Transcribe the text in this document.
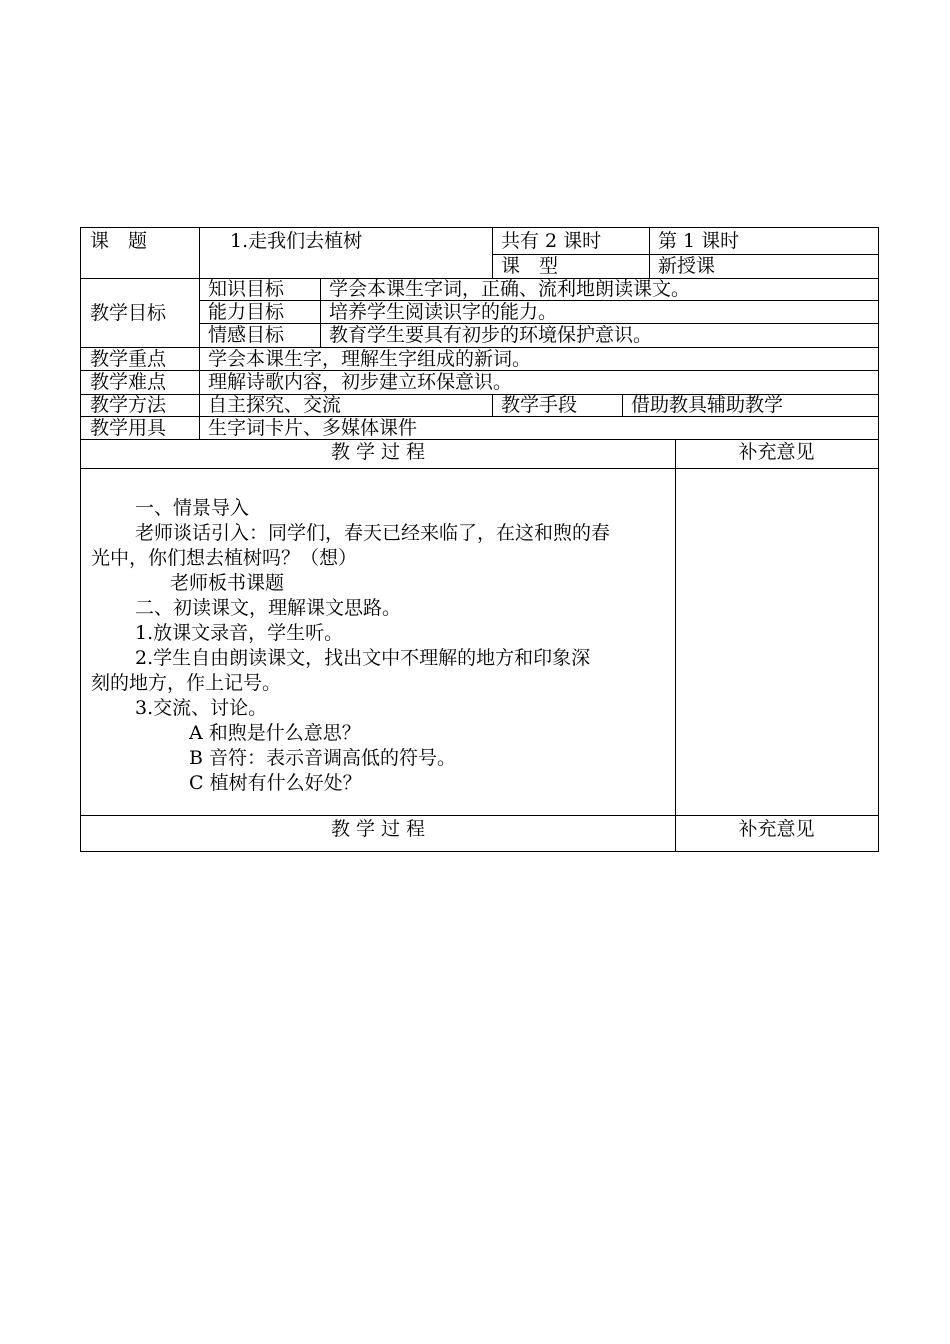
课　题	1.走我们去植树	共有 2 课时	第 1 课时
课　型	新授课
教学目标
知识目标	学会本课生字词，正确、流利地朗读课文。
能力目标	培养学生阅读识字的能力。
情感目标	教育学生要具有初步的环境保护意识。
教学重点	学会本课生字，理解生字组成的新词。
教学难点	理解诗歌内容，初步建立环保意识。
教学方法	自主探究、交流	教学手段	借助教具辅助教学
教学用具	生字词卡片、多媒体课件
教 学 过 程	补充意见
一、情景导入
老师谈话引入：同学们，春天已经来临了，在这和煦的春
光中，你们想去植树吗？（想）
老师板书课题
二、初读课文，理解课文思路。
1.放课文录音，学生听。
2.学生自由朗读课文，找出文中不理解的地方和印象深
刻的地方，作上记号。
3.交流、讨论。
A 和煦是什么意思？
B 音符：表示音调高低的符号。
C 植树有什么好处？
教 学 过 程	补充意见
